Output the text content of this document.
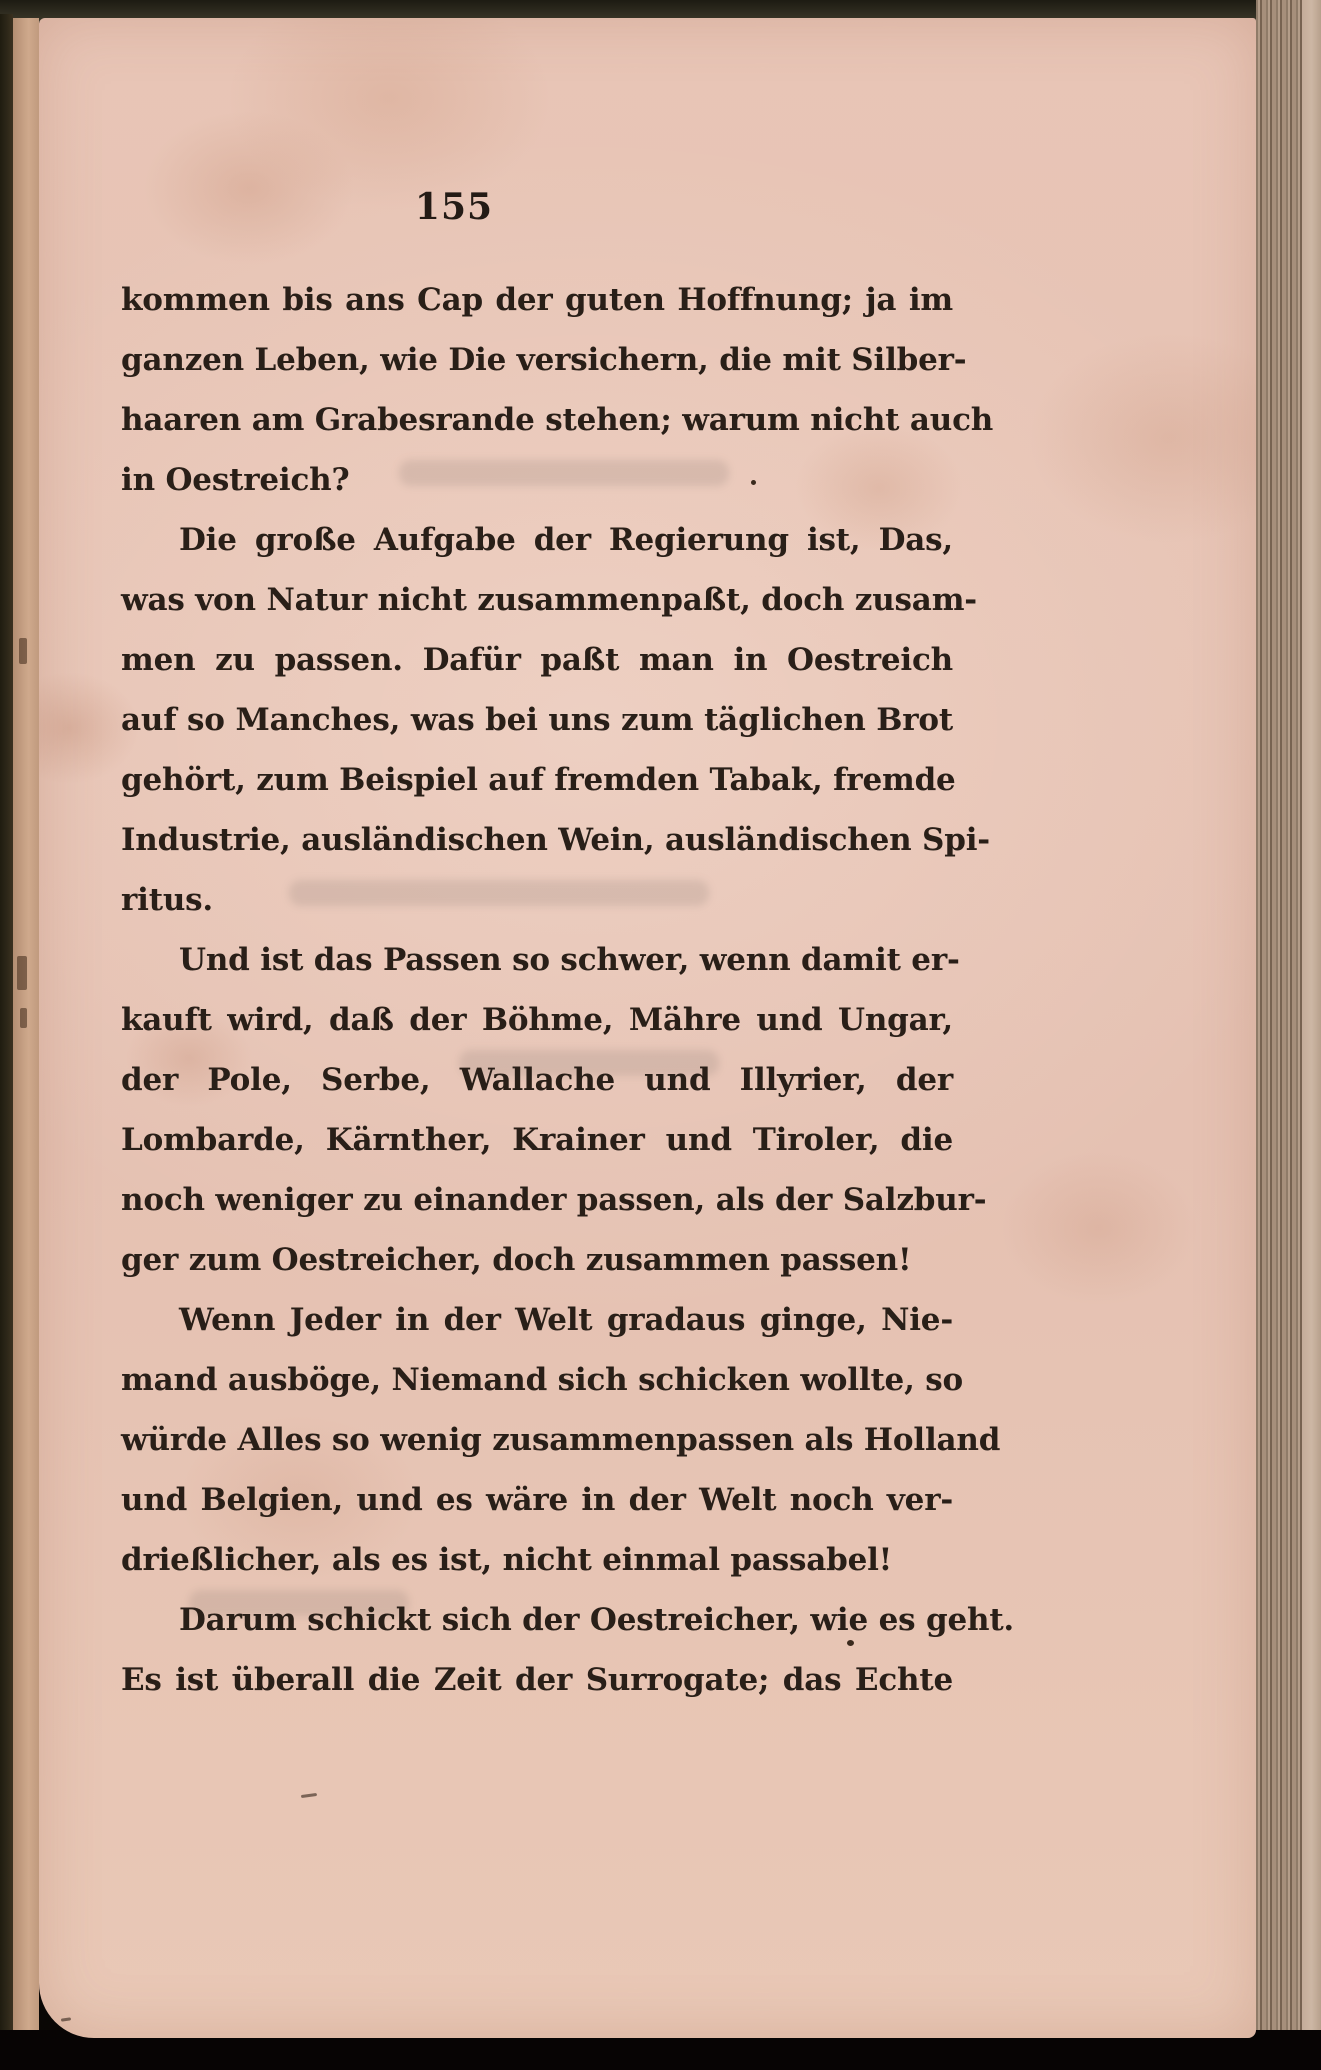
155
kommen bis ans Cap der guten Hoffnung; ja im
ganzen Leben, wie Die versichern, die mit Silber-
haaren am Grabesrande stehen; warum nicht auch
in Oestreich?
Die große Aufgabe der Regierung ist, Das,
was von Natur nicht zusammenpaßt, doch zusam-
men zu passen. Dafür paßt man in Oestreich
auf so Manches, was bei uns zum täglichen Brot
gehört, zum Beispiel auf fremden Tabak, fremde
Industrie, ausländischen Wein, ausländischen Spi-
ritus.
Und ist das Passen so schwer, wenn damit er-
kauft wird, daß der Böhme, Mähre und Ungar,
der Pole, Serbe, Wallache und Illyrier, der
Lombarde, Kärnther, Krainer und Tiroler, die
noch weniger zu einander passen, als der Salzbur-
ger zum Oestreicher, doch zusammen passen!
Wenn Jeder in der Welt gradaus ginge, Nie-
mand ausböge, Niemand sich schicken wollte, so
würde Alles so wenig zusammenpassen als Holland
und Belgien, und es wäre in der Welt noch ver-
drießlicher, als es ist, nicht einmal passabel!
Darum schickt sich der Oestreicher, wie es geht.
Es ist überall die Zeit der Surrogate; das Echte
